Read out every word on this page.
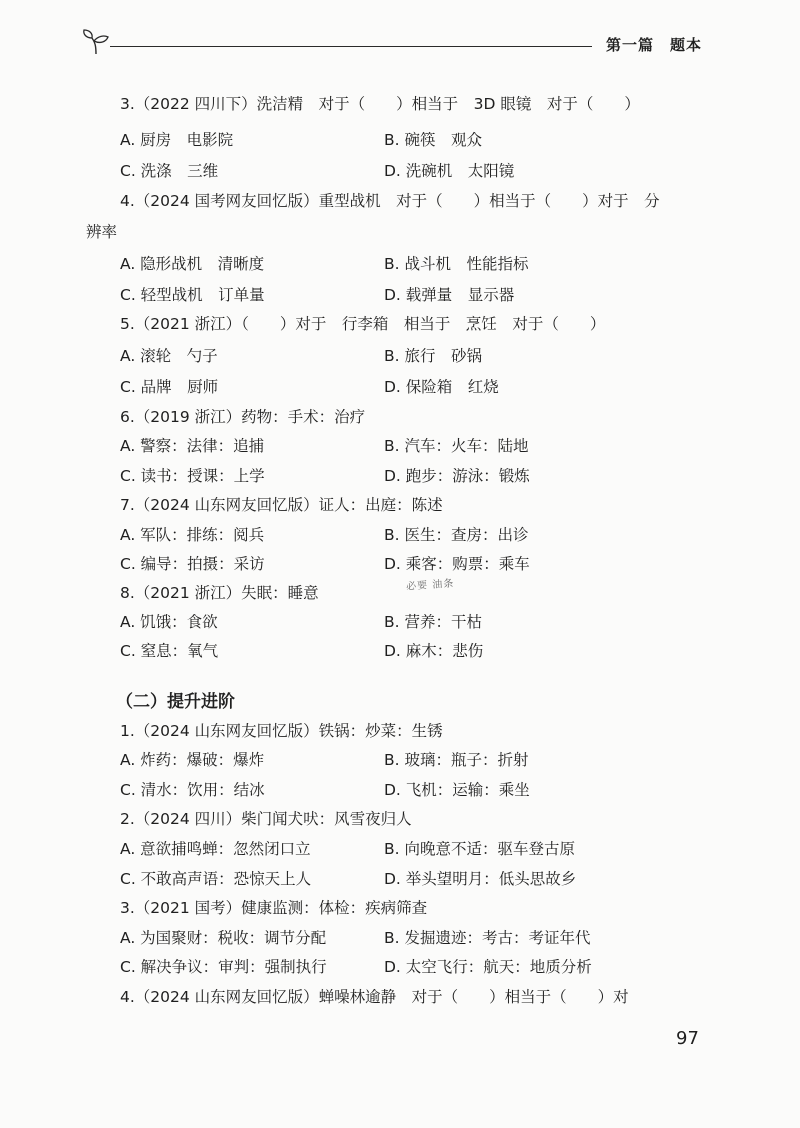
第一篇　题本
3.（2022 四川下）洗洁精　对于（　　）相当于　3D 眼镜　对于（　　）
A. 厨房　电影院	B. 碗筷　观众
C. 洗涤　三维	D. 洗碗机　太阳镜
4.（2024 国考网友回忆版）重型战机　对于（　　）相当于（　　）对于　分
辨率
A. 隐形战机　清晰度	B. 战斗机　性能指标
C. 轻型战机　订单量	D. 载弹量　显示器
5.（2021 浙江）（　　）对于　行李箱　相当于　烹饪　对于（　　）
A. 滚轮　勺子	B. 旅行　砂锅
C. 品牌　厨师	D. 保险箱　红烧
6.（2019 浙江）药物：手术：治疗
A. 警察：法律：追捕	B. 汽车：火车：陆地
C. 读书：授课：上学	D. 跑步：游泳：锻炼
7.（2024 山东网友回忆版）证人：出庭：陈述
A. 军队：排练：阅兵	B. 医生：查房：出诊
C. 编导：拍摄：采访	D. 乘客：购票：乘车
必要 油条
8.（2021 浙江）失眠：睡意
A. 饥饿：食欲	B. 营养：干枯
C. 窒息：氧气	D. 麻木：悲伤
（二）提升进阶
1.（2024 山东网友回忆版）铁锅：炒菜：生锈
A. 炸药：爆破：爆炸	B. 玻璃：瓶子：折射
C. 清水：饮用：结冰	D. 飞机：运输：乘坐
2.（2024 四川）柴门闻犬吠：风雪夜归人
A. 意欲捕鸣蝉：忽然闭口立	B. 向晚意不适：驱车登古原
C. 不敢高声语：恐惊天上人	D. 举头望明月：低头思故乡
3.（2021 国考）健康监测：体检：疾病筛查
A. 为国聚财：税收：调节分配	B. 发掘遗迹：考古：考证年代
C. 解决争议：审判：强制执行	D. 太空飞行：航天：地质分析
4.（2024 山东网友回忆版）蝉噪林逾静　对于（　　）相当于（　　）对
97
